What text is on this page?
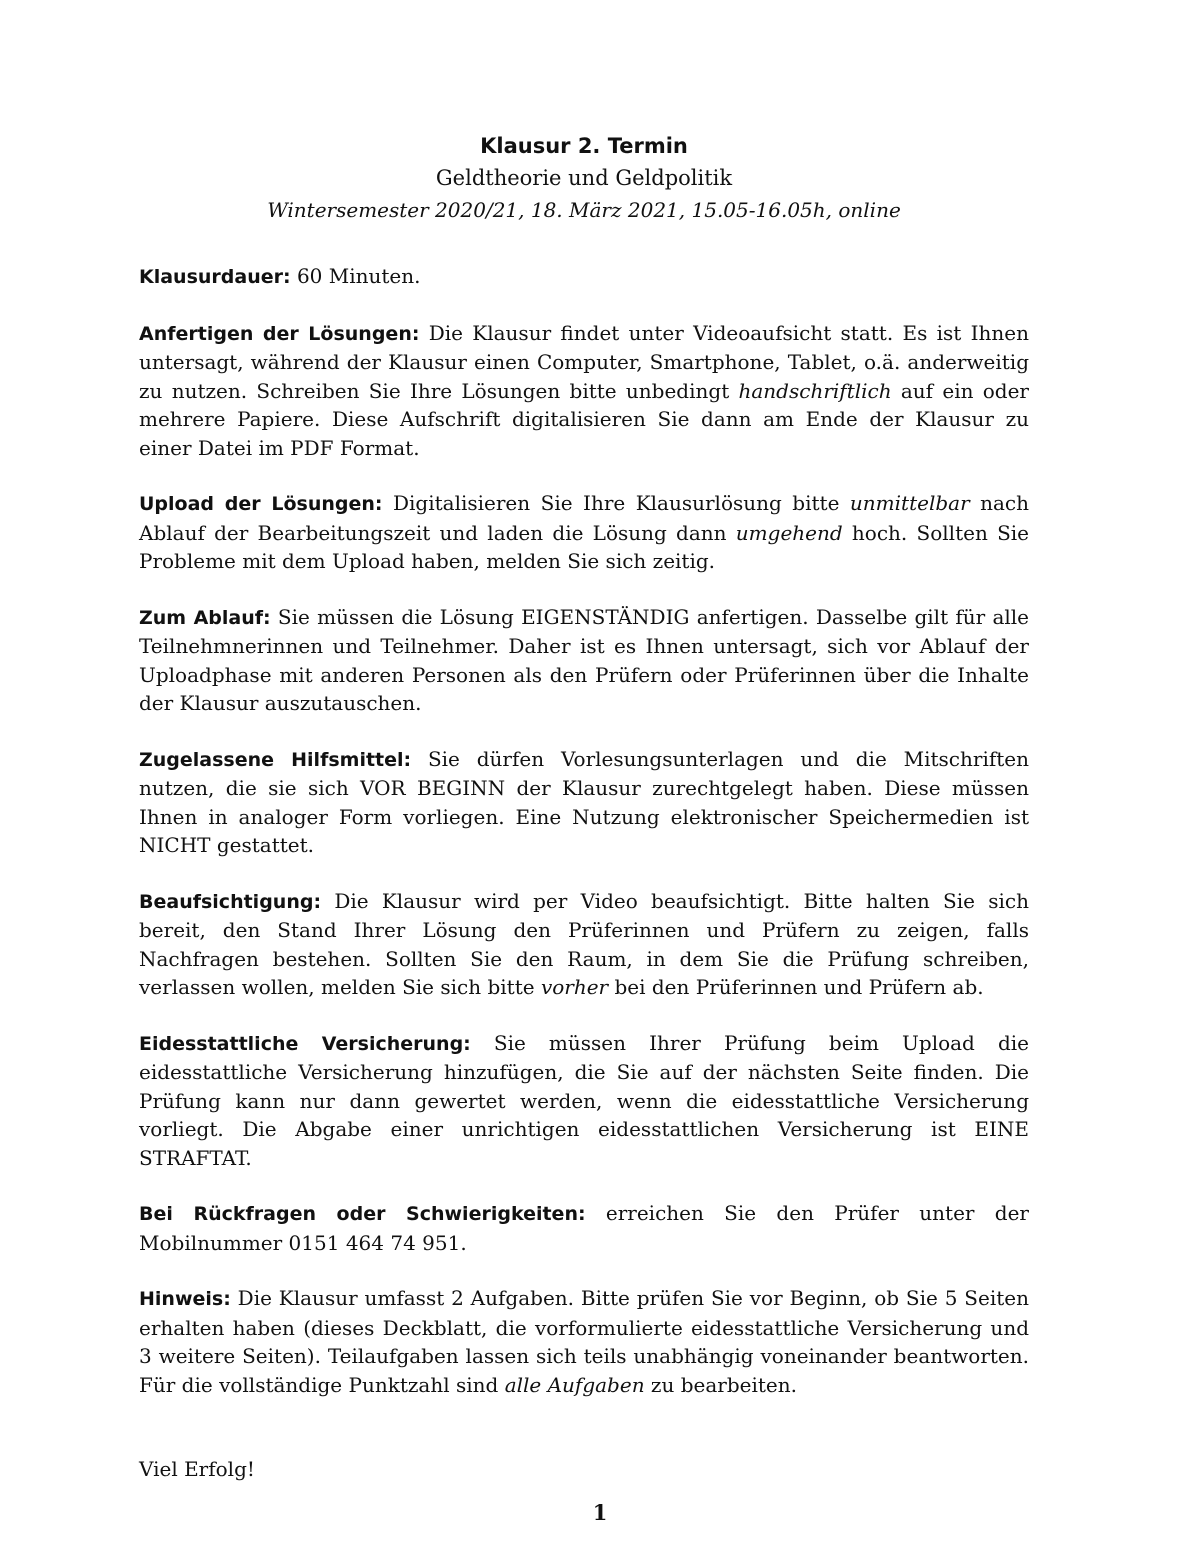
Klausur 2. Termin
Geldtheorie und Geldpolitik
Wintersemester 2020/21, 18. März 2021, 15.05-16.05h, online

Klausurdauer: 60 Minuten.

Anfertigen der Lösungen: Die Klausur findet unter Videoaufsicht statt. Es ist Ihnen untersagt, während der Klausur einen Computer, Smartphone, Tablet, o.ä. anderweitig zu nutzen. Schreiben Sie Ihre Lösungen bitte unbedingt handschriftlich auf ein oder mehrere Papiere. Diese Aufschrift digitalisieren Sie dann am Ende der Klausur zu einer Datei im PDF Format.

Upload der Lösungen: Digitalisieren Sie Ihre Klausurlösung bitte unmittelbar nach Ablauf der Bearbeitungszeit und laden die Lösung dann umgehend hoch. Sollten Sie Probleme mit dem Upload haben, melden Sie sich zeitig.

Zum Ablauf: Sie müssen die Lösung EIGENSTÄNDIG anfertigen. Dasselbe gilt für alle Teilnehmnerinnen und Teilnehmer. Daher ist es Ihnen untersagt, sich vor Ablauf der Uploadphase mit anderen Personen als den Prüfern oder Prüferinnen über die Inhalte der Klausur auszutauschen.

Zugelassene Hilfsmittel: Sie dürfen Vorlesungsunterlagen und die Mitschriften nutzen, die sie sich VOR BEGINN der Klausur zurechtgelegt haben. Diese müssen Ihnen in analoger Form vorliegen. Eine Nutzung elektronischer Speichermedien ist NICHT gestattet.

Beaufsichtigung: Die Klausur wird per Video beaufsichtigt. Bitte halten Sie sich bereit, den Stand Ihrer Lösung den Prüferinnen und Prüfern zu zeigen, falls Nachfragen bestehen. Sollten Sie den Raum, in dem Sie die Prüfung schreiben, verlassen wollen, melden Sie sich bitte vorher bei den Prüferinnen und Prüfern ab.

Eidesstattliche Versicherung: Sie müssen Ihrer Prüfung beim Upload die eidesstattliche Versicherung hinzufügen, die Sie auf der nächsten Seite finden. Die Prüfung kann nur dann gewertet werden, wenn die eidesstattliche Versicherung vorliegt. Die Abgabe einer unrichtigen eidesstattlichen Versicherung ist EINE STRAFTAT.

Bei Rückfragen oder Schwierigkeiten: erreichen Sie den Prüfer unter der Mobilnummer 0151 464 74 951.

Hinweis: Die Klausur umfasst 2 Aufgaben. Bitte prüfen Sie vor Beginn, ob Sie 5 Seiten erhalten haben (dieses Deckblatt, die vorformulierte eidesstattliche Versicherung und 3 weitere Seiten). Teilaufgaben lassen sich teils unabhängig voneinander beantworten. Für die vollständige Punktzahl sind alle Aufgaben zu bearbeiten.

Viel Erfolg!

1
